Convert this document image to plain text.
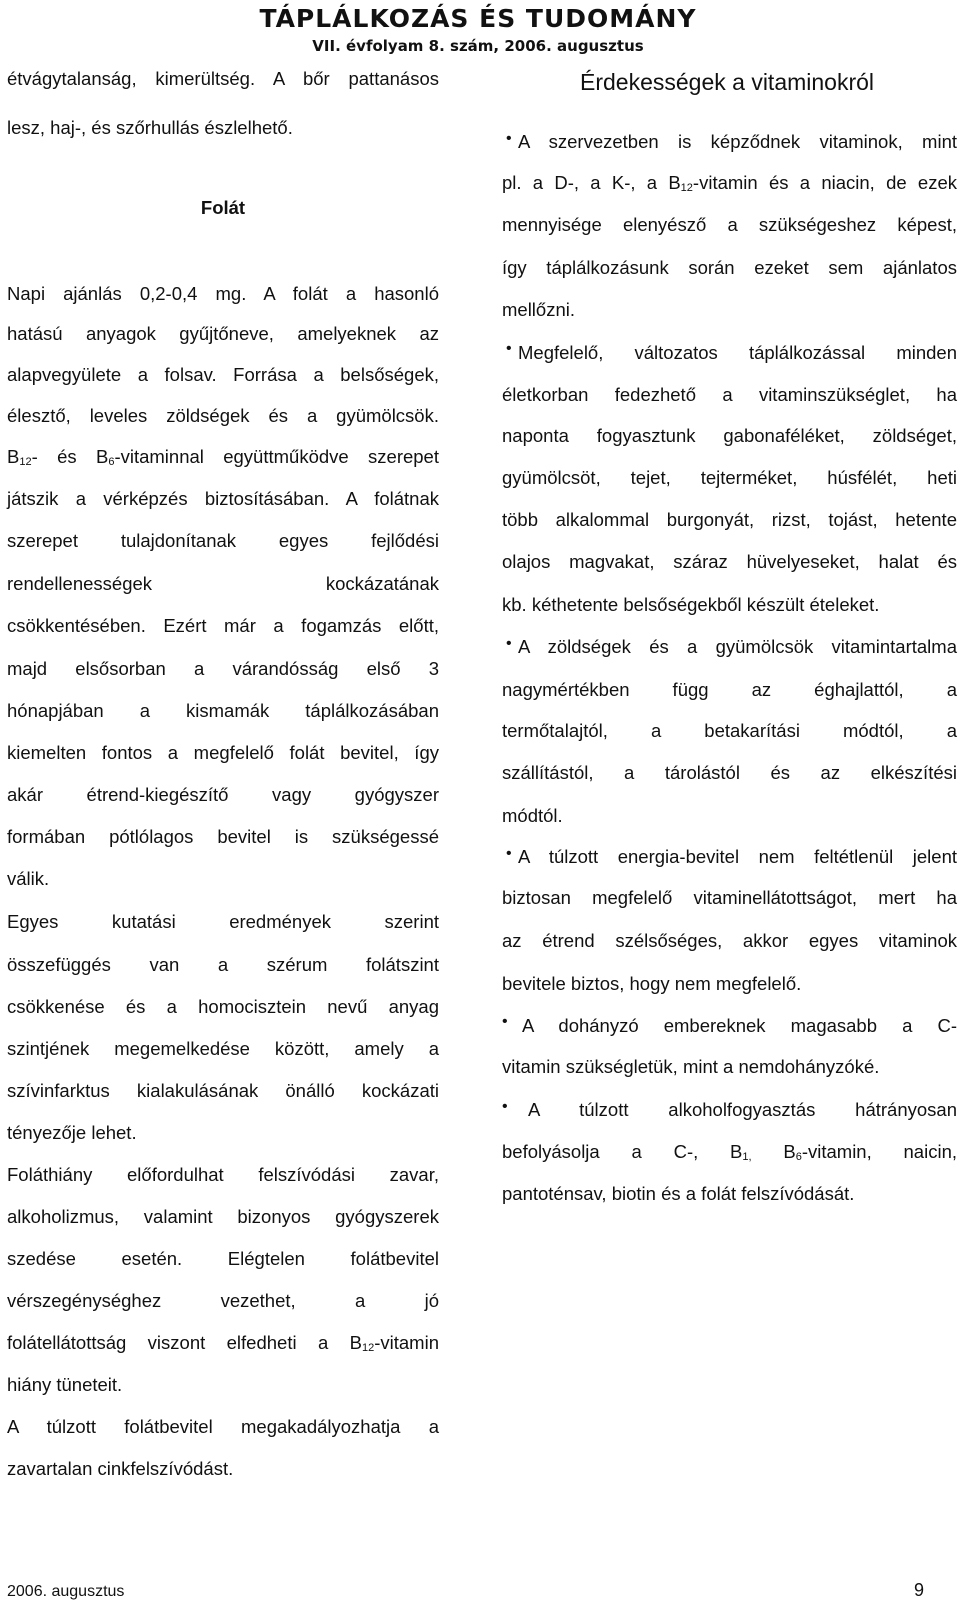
TÁPLÁLKOZÁS ÉS TUDOMÁNY
VII. évfolyam 8. szám, 2006. augusztus
étvágytalanság, kimerültség. A bőr pattanásos
lesz, haj-, és szőrhullás észlelhető.
Folát
Napi ajánlás 0,2-0,4 mg. A folát a hasonló
hatású anyagok gyűjtőneve, amelyeknek az
alapvegyülete a folsav. Forrása a belsőségek,
élesztő, leveles zöldségek és a gyümölcsök.
$B_{12}-$ és $B_6$-vitaminnal együttműködve szerepet
játszik a vérképzés biztosításában. A folátnak
szerepet tulajdonítanak egyes fejlődési
rendellenességek kockázatának
csökkentésében. Ezért már a fogamzás előtt,
majd elsősorban a várandósság első 3
hónapjában a kismamák táplálkozásában
kiemelten fontos a megfelelő folát bevitel, így
akár étrend-kiegészítő vagy gyógyszer
formában pótlólagos bevitel is szükségessé
válik.
Egyes kutatási eredmények szerint
összefüggés van a szérum folátszint
csökkenése és a homocisztein nevű anyag
szintjének megemelkedése között, amely a
szívinfarktus kialakulásának önálló kockázati
tényezője lehet.
Foláthiány előfordulhat felszívódási zavar,
alkoholizmus, valamint bizonyos gyógyszerek
szedése esetén. Elégtelen folátbevitel
vérszegénységhez vezethet, a jó
folátellátottság viszont elfedheti a $B_{12}$-vitamin
hiány tüneteit.
A túlzott folátbevitel megakadályozhatja a
zavartalan cinkfelszívódást.
Érdekességek a vitaminokról
• A szervezetben is képződnek vitaminok, mint
pl. a D-, a K-, a $B_{12}$-vitamin és a niacin, de ezek
mennyisége elenyésző a szükségeshez képest,
így táplálkozásunk során ezeket sem ajánlatos
mellőzni.
• Megfelelő, változatos táplálkozással minden
életkorban fedezhető a vitaminszükséglet, ha
naponta fogyasztunk gabonaféléket, zöldséget,
gyümölcsöt, tejet, tejterméket, húsfélét, heti
több alkalommal burgonyát, rizst, tojást, hetente
olajos magvakat, száraz hüvelyeseket, halat és
kb. kéthetente belsőségekből készült ételeket.
• A zöldségek és a gyümölcsök vitamintartalma
nagymértékben függ az éghajlattól, a
termőtalajtól, a betakarítási módtól, a
szállítástól, a tárolástól és az elkészítési
módtól.
• A túlzott energia-bevitel nem feltétlenül jelent
biztosan megfelelő vitaminellátottságot, mert ha
az étrend szélsőséges, akkor egyes vitaminok
bevitele biztos, hogy nem megfelelő.
• A dohányzó embereknek magasabb a C-
vitamin szükségletük, mint a nemdohányzóké.
• A túlzott alkoholfogyasztás hátrányosan
befolyásolja a C-, $B_{1,}$ $B_6$-vitamin, naicin,
pantoténsav, biotin és a folát felszívódását.
2006. augusztus	9
